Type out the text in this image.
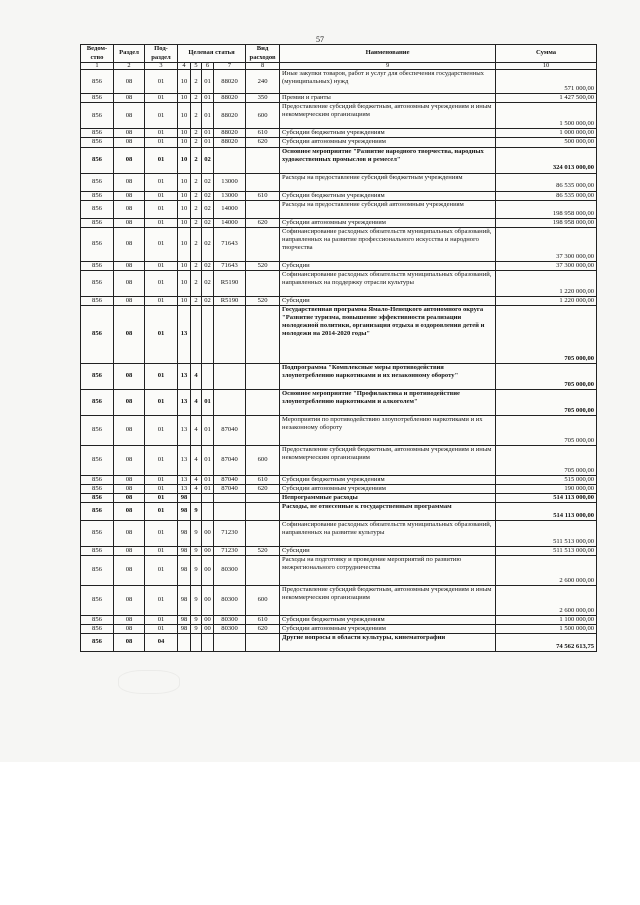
57
Ведом-ство	Раздел	Под-раздел	Целевая статья				Вид расходов	Наименование	Сумма
1	2	3	4	5	6	7	8	9	10
856	08	01	10	2	01	88020	240	Иные закупки товаров, работ и услуг для обеспечения государственных (муниципальных) нужд	571 000,00
856	08	01	10	2	01	88020	350	Премии и гранты	1 427 500,00
856	08	01	10	2	01	88020	600	Предоставление субсидий бюджетным, автономным учреждениям и иным некоммерческим организациям	1 500 000,00
856	08	01	10	2	01	88020	610	Субсидии бюджетным учреждениям	1 000 000,00
856	08	01	10	2	01	88020	620	Субсидии автономным учреждениям	500 000,00
856	08	01	10	2	02			Основное мероприятие "Развитие народного творчества, народных художественных промыслов и ремесел"	324 013 000,00
856	08	01	10	2	02	13000		Расходы на предоставление субсидий бюджетным учреждениям	86 535 000,00
856	08	01	10	2	02	13000	610	Субсидии бюджетным учреждениям	86 535 000,00
856	08	01	10	2	02	14000		Расходы на предоставление субсидий автономным учреждениям	198 958 000,00
856	08	01	10	2	02	14000	620	Субсидии автономным учреждениям	198 958 000,00
856	08	01	10	2	02	71643		Софинансирование расходных обязательств муниципальных образований, направленных на развитие профессионального искусства и народного творчества	37 300 000,00
856	08	01	10	2	02	71643	520	Субсидии	37 300 000,00
856	08	01	10	2	02	R5190		Софинансирование расходных обязательств муниципальных образований, направленных на поддержку отрасли культуры	1 220 000,00
856	08	01	10	2	02	R5190	520	Субсидии	1 220 000,00
856	08	01	13					Государственная программа Ямало-Ненецкого автономного округа "Развитие туризма, повышение эффективности реализации молодежной политики, организация отдыха и оздоровления детей и молодежи на 2014-2020 годы"	705 000,00
856	08	01	13	4				Подпрограмма "Комплексные меры противодействия злоупотреблению наркотиками и их незаконному обороту"	705 000,00
856	08	01	13	4	01			Основное мероприятие "Профилактика и противодействие злоупотреблению наркотиками и алкоголем"	705 000,00
856	08	01	13	4	01	87040		Мероприятия по противодействию злоупотреблению наркотиками и их незаконному обороту	705 000,00
856	08	01	13	4	01	87040	600	Предоставление субсидий бюджетным, автономным учреждениям и иным некоммерческим организациям	705 000,00
856	08	01	13	4	01	87040	610	Субсидии бюджетным учреждениям	515 000,00
856	08	01	13	4	01	87040	620	Субсидии автономным учреждениям	190 000,00
856	08	01	98					Непрограммные расходы	514 113 000,00
856	08	01	98	9				Расходы, не отнесенные к государственным программам	514 113 000,00
856	08	01	98	9	00	71230		Софинансирование расходных обязательств муниципальных образований, направленных на развитие культуры	511 513 000,00
856	08	01	98	9	00	71230	520	Субсидии	511 513 000,00
856	08	01	98	9	00	80300		Расходы на подготовку и проведение мероприятий по развитию межрегионального сотрудничества	2 600 000,00
856	08	01	98	9	00	80300	600	Предоставление субсидий бюджетным, автономным учреждениям и иным некоммерческим организациям	2 600 000,00
856	08	01	98	9	00	80300	610	Субсидии бюджетным учреждениям	1 100 000,00
856	08	01	98	9	00	80300	620	Субсидии автономным учреждениям	1 500 000,00
856	08	04						Другие вопросы в области культуры, кинематографии	74 562 613,75
